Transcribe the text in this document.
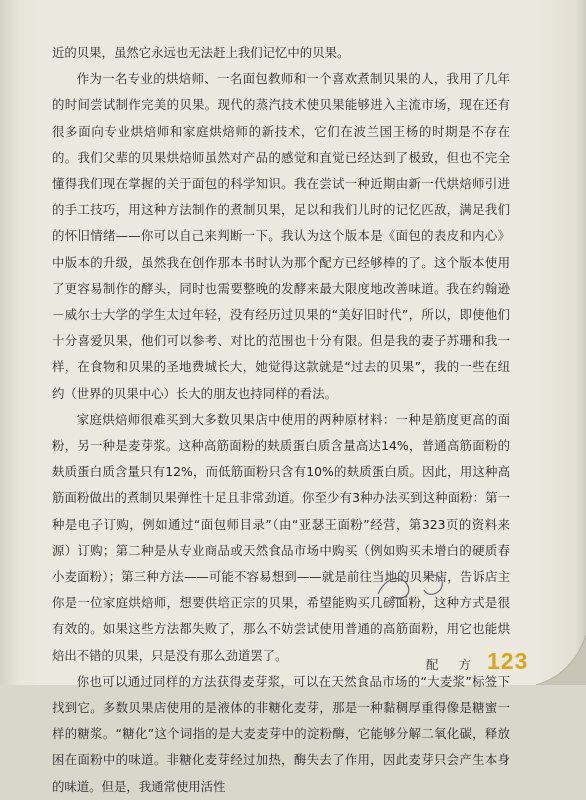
近的贝果，虽然它永远也无法赶上我们记忆中的贝果。

作为一名专业的烘焙师、一名面包教师和一个喜欢煮制贝果的人，我用了几年的时间尝试制作完美的贝果。现代的蒸汽技术使贝果能够进入主流市场，现在还有很多面向专业烘焙师和家庭烘焙师的新技术，它们在波兰国王杨的时期是不存在的。我们父辈的贝果烘焙师虽然对产品的感觉和直觉已经达到了极致，但也不完全懂得我们现在掌握的关于面包的科学知识。我在尝试一种近期由新一代烘焙师引进的手工技巧，用这种方法制作的煮制贝果，足以和我们儿时的记忆匹敌，满足我们的怀旧情绪——你可以自己来判断一下。我认为这个版本是《面包的表皮和内心》中版本的升级，虽然我在创作那本书时认为那个配方已经够棒的了。这个版本使用了更容易制作的酵头，同时也需要整晚的发酵来最大限度地改善味道。我在约翰逊－威尔士大学的学生太过年轻，没有经历过贝果的“美好旧时代”，所以，即使他们十分喜爱贝果，他们可以参考、对比的范围也十分有限。但是我的妻子苏珊和我一样，在食物和贝果的圣地费城长大，她觉得这款就是“过去的贝果”，我的一些在纽约（世界的贝果中心）长大的朋友也持同样的看法。

家庭烘焙师很难买到大多数贝果店中使用的两种原材料：一种是筋度更高的面粉，另一种是麦芽浆。这种高筋面粉的麸质蛋白质含量高达14%，普通高筋面粉的麸质蛋白质含量只有12%，而低筋面粉只含有10%的麸质蛋白质。因此，用这种高筋面粉做出的煮制贝果弹性十足且非常劲道。你至少有3种办法买到这种面粉：第一种是电子订购，例如通过“面包师目录”（由“亚瑟王面粉”经营，第323页的资料来源）订购；第二种是从专业商品或天然食品市场中购买（例如购买未增白的硬质春小麦面粉）；第三种方法——可能不容易想到——就是前往当地的贝果店，告诉店主你是一位家庭烘焙师，想要供培正宗的贝果，希望能购买几磅面粉，这种方式是很有效的。如果这些方法都失败了，那么不妨尝试使用普通的高筋面粉，用它也能烘焙出不错的贝果，只是没有那么劲道罢了。

你也可以通过同样的方法获得麦芽浆，可以在天然食品市场的“大麦浆”标签下找到它。多数贝果店使用的是液体的非糖化麦芽，那是一种黏稠厚重得像是糖蜜一样的糖浆。“糖化”这个词指的是大麦麦芽中的淀粉酶，它能够分解二氧化碳，释放困在面粉中的味道。非糖化麦芽经过加热，酶失去了作用，因此麦芽只会产生本身的味道。但是，我通常使用活性

配 方 123
